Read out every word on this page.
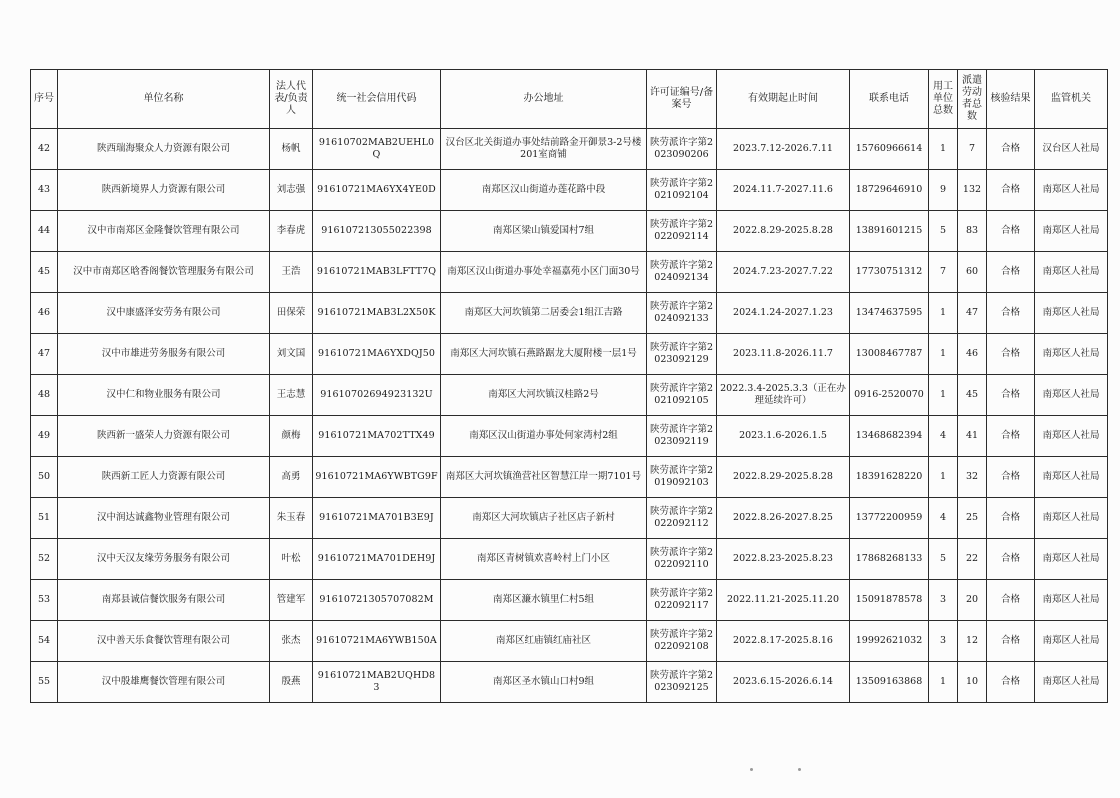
序号	单位名称	法人代表/负责人	统一社会信用代码	办公地址	许可证编号/备案号	有效期起止时间	联系电话	用工单位总数	派遣劳动者总数	核验结果	监管机关
42	陕西瑞海聚众人力资源有限公司	杨帆	91610702MAB2UEHL0Q	汉台区北关街道办事处结前路金开御景3-2号楼201室商铺	陕劳派许字第2023090206	2023.7.12-2026.7.11	15760966614	1	7	合格	汉台区人社局
43	陕西新境界人力资源有限公司	刘志强	91610721MA6YX4YE0D	南郑区汉山街道办莲花路中段	陕劳派许字第2021092104	2024.11.7-2027.11.6	18729646910	9	132	合格	南郑区人社局
44	汉中市南郑区金隆餐饮管理有限公司	李春虎	916107213055022398	南郑区梁山镇爱国村7组	陕劳派许字第2022092114	2022.8.29-2025.8.28	13891601215	5	83	合格	南郑区人社局
45	汉中市南郑区晗香阁餐饮管理服务有限公司	王浩	91610721MAB3LFTT7Q	南郑区汉山街道办事处幸福嘉苑小区门面30号	陕劳派许字第2024092134	2024.7.23-2027.7.22	17730751312	7	60	合格	南郑区人社局
46	汉中康盛泽安劳务有限公司	田保荣	91610721MAB3L2X50K	南郑区大河坎镇第二居委会1组江吉路	陕劳派许字第2024092133	2024.1.24-2027.1.23	13474637595	1	47	合格	南郑区人社局
47	汉中市雄进劳务服务有限公司	刘文国	91610721MA6YXDQJ50	南郑区大河坎镇石燕路踞龙大厦附楼一层1号	陕劳派许字第2023092129	2023.11.8-2026.11.7	13008467787	1	46	合格	南郑区人社局
48	汉中仁和物业服务有限公司	王志慧	91610702694923132U	南郑区大河坎镇汉桂路2号	陕劳派许字第2021092105	2022.3.4-2025.3.3（正在办理延续许可）	0916-2520070	1	45	合格	南郑区人社局
49	陕西新一盛荣人力资源有限公司	颜梅	91610721MA702TTX49	南郑区汉山街道办事处何家湾村2组	陕劳派许字第2023092119	2023.1.6-2026.1.5	13468682394	4	41	合格	南郑区人社局
50	陕西新工匠人力资源有限公司	高勇	91610721MA6YWBTG9F	南郑区大河坎镇渔营社区智慧江岸一期7101号	陕劳派许字第2019092103	2022.8.29-2025.8.28	18391628220	1	32	合格	南郑区人社局
51	汉中润达诚鑫物业管理有限公司	朱玉春	91610721MA701B3E9J	南郑区大河坎镇店子社区店子新村	陕劳派许字第2022092112	2022.8.26-2027.8.25	13772200959	4	25	合格	南郑区人社局
52	汉中天汉友缘劳务服务有限公司	叶松	91610721MA701DEH9J	南郑区青树镇欢喜岭村上门小区	陕劳派许字第2022092110	2022.8.23-2025.8.23	17868268133	5	22	合格	南郑区人社局
53	南郑县诚信餐饮服务有限公司	管建军	91610721305707082M	南郑区濂水镇里仁村5组	陕劳派许字第2022092117	2022.11.21-2025.11.20	15091878578	3	20	合格	南郑区人社局
54	汉中善天乐食餐饮管理有限公司	张杰	91610721MA6YWB150A	南郑区红庙镇红庙社区	陕劳派许字第2022092108	2022.8.17-2025.8.16	19992621032	3	12	合格	南郑区人社局
55	汉中殷雄鹰餐饮管理有限公司	殷燕	91610721MAB2UQHD83	南郑区圣水镇山口村9组	陕劳派许字第2023092125	2023.6.15-2026.6.14	13509163868	1	10	合格	南郑区人社局
